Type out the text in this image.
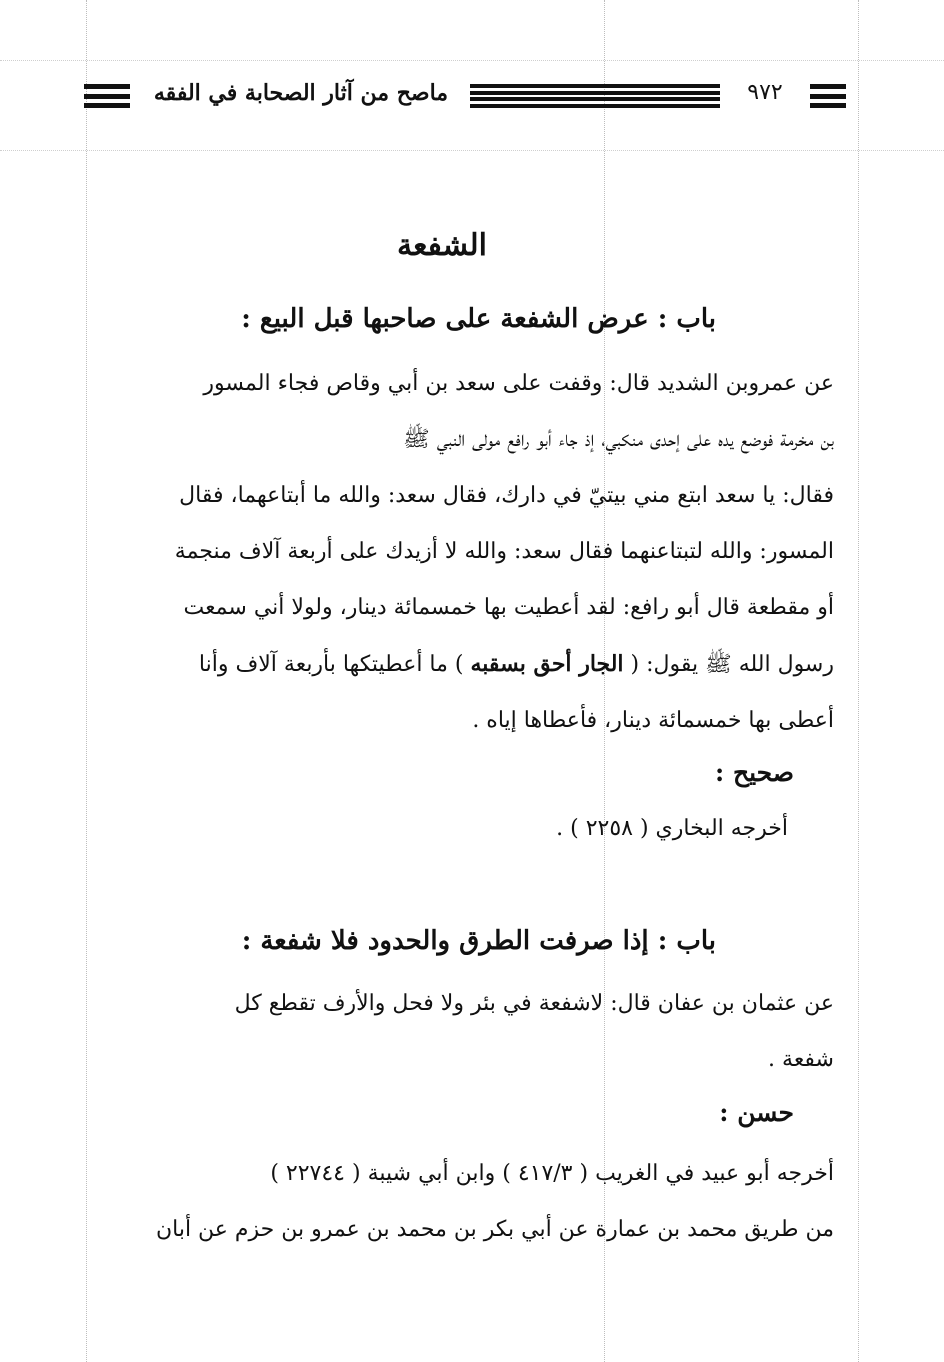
ماصح من آثار الصحابة في الفقه	٩٧٢
الشفعة
باب : عرض الشفعة على صاحبها قبل البيع :

عن عمروبن الشديد قال: وقفت على سعد بن أبي وقاص فجاء المسور

بن مخرمة فوضع يده على إحدى منكبي، إذ جاء أبو رافع مولى النبي ﷺ

فقال: يا سعد ابتع مني بيتيّ في دارك، فقال سعد: والله ما أبتاعهما، فقال

المسور: والله لتبتاعنهما فقال سعد: والله لا أزيدك على أربعة آلاف منجمة

أو مقطعة قال أبو رافع: لقد أعطيت بها خمسمائة دينار، ولولا أني سمعت

رسول الله ﷺ يقول: ( الجار أحق بسقبه ) ما أعطيتكها بأربعة آلاف وأنا

أعطى بها خمسمائة دينار، فأعطاها إياه .

صحيح :
أخرجه البخاري ( ٢٢٥٨ ) .
باب : إذا صرفت الطرق والحدود فلا شفعة :

عن عثمان بن عفان قال: لاشفعة في بئر ولا فحل والأرف تقطع كل

شفعة .

حسن :

أخرجه أبو عبيد في الغريب ( ٤١٧/٣ ) وابن أبي شيبة ( ٢٢٧٤٤ )

من طريق محمد بن عمارة عن أبي بكر بن محمد بن عمرو بن حزم عن أبان
